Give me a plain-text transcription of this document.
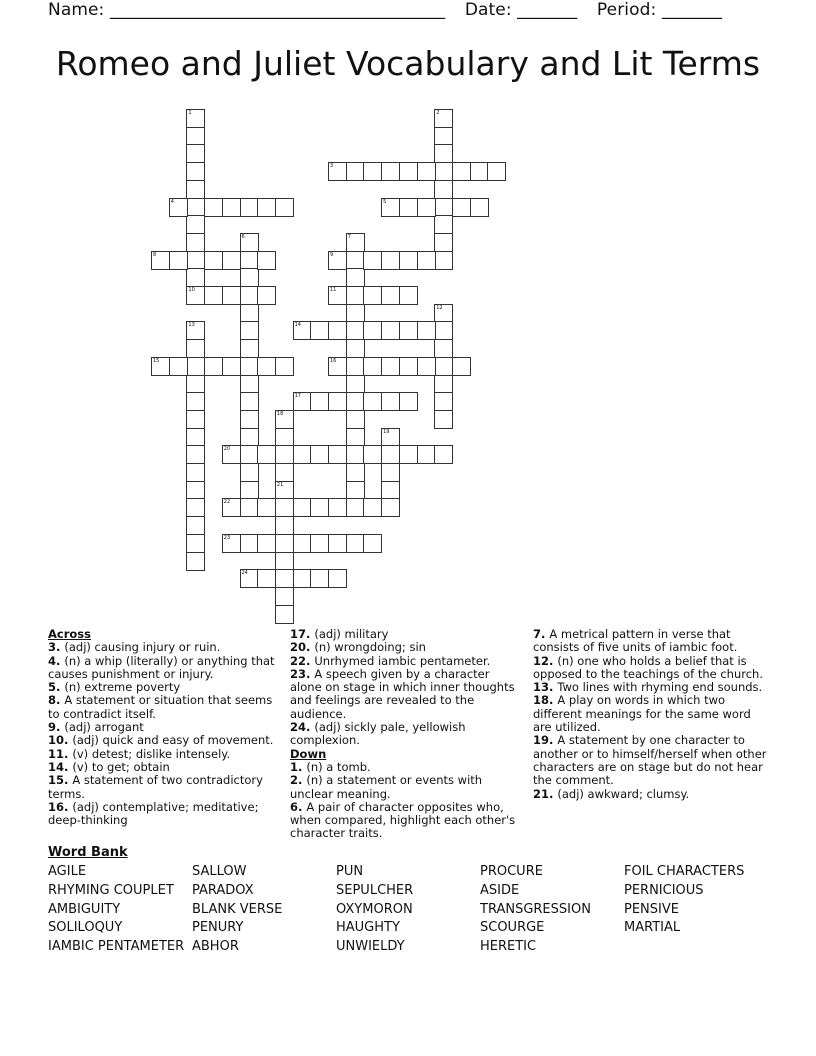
Name: _______________________________________ Date: _______ Period: _______
Romeo and Juliet Vocabulary and Lit Terms
1	2
3
4	5
6	7
8	9
10	11
12
13	14
15	16
17
18
19
20
21
22
23
24
Across
3. (adj) causing injury or ruin.
4. (n) a whip (literally) or anything that causes punishment or injury.
5. (n) extreme poverty
8. A statement or situation that seems to contradict itself.
9. (adj) arrogant
10. (adj) quick and easy of movement.
11. (v) detest; dislike intensely.
14. (v) to get; obtain
15. A statement of two contradictory terms.
16. (adj) contemplative; meditative; deep-thinking
17. (adj) military
20. (n) wrongdoing; sin
22. Unrhymed iambic pentameter.
23. A speech given by a character alone on stage in which inner thoughts and feelings are revealed to the audience.
24. (adj) sickly pale, yellowish complexion.
Down
1. (n) a tomb.
2. (n) a statement or events with unclear meaning.
6. A pair of character opposites who, when compared, highlight each other's character traits.
7. A metrical pattern in verse that consists of five units of iambic foot.
12. (n) one who holds a belief that is opposed to the teachings of the church.
13. Two lines with rhyming end sounds.
18. A play on words in which two different meanings for the same word are utilized.
19. A statement by one character to another or to himself/herself when other characters are on stage but do not hear the comment.
21. (adj) awkward; clumsy.
Word Bank
AGILE
RHYMING COUPLET
AMBIGUITY
SOLILOQUY
IAMBIC PENTAMETER
SALLOW
PARADOX
BLANK VERSE
PENURY
ABHOR
PUN
SEPULCHER
OXYMORON
HAUGHTY
UNWIELDY
PROCURE
ASIDE
TRANSGRESSION
SCOURGE
HERETIC
FOIL CHARACTERS
PERNICIOUS
PENSIVE
MARTIAL
